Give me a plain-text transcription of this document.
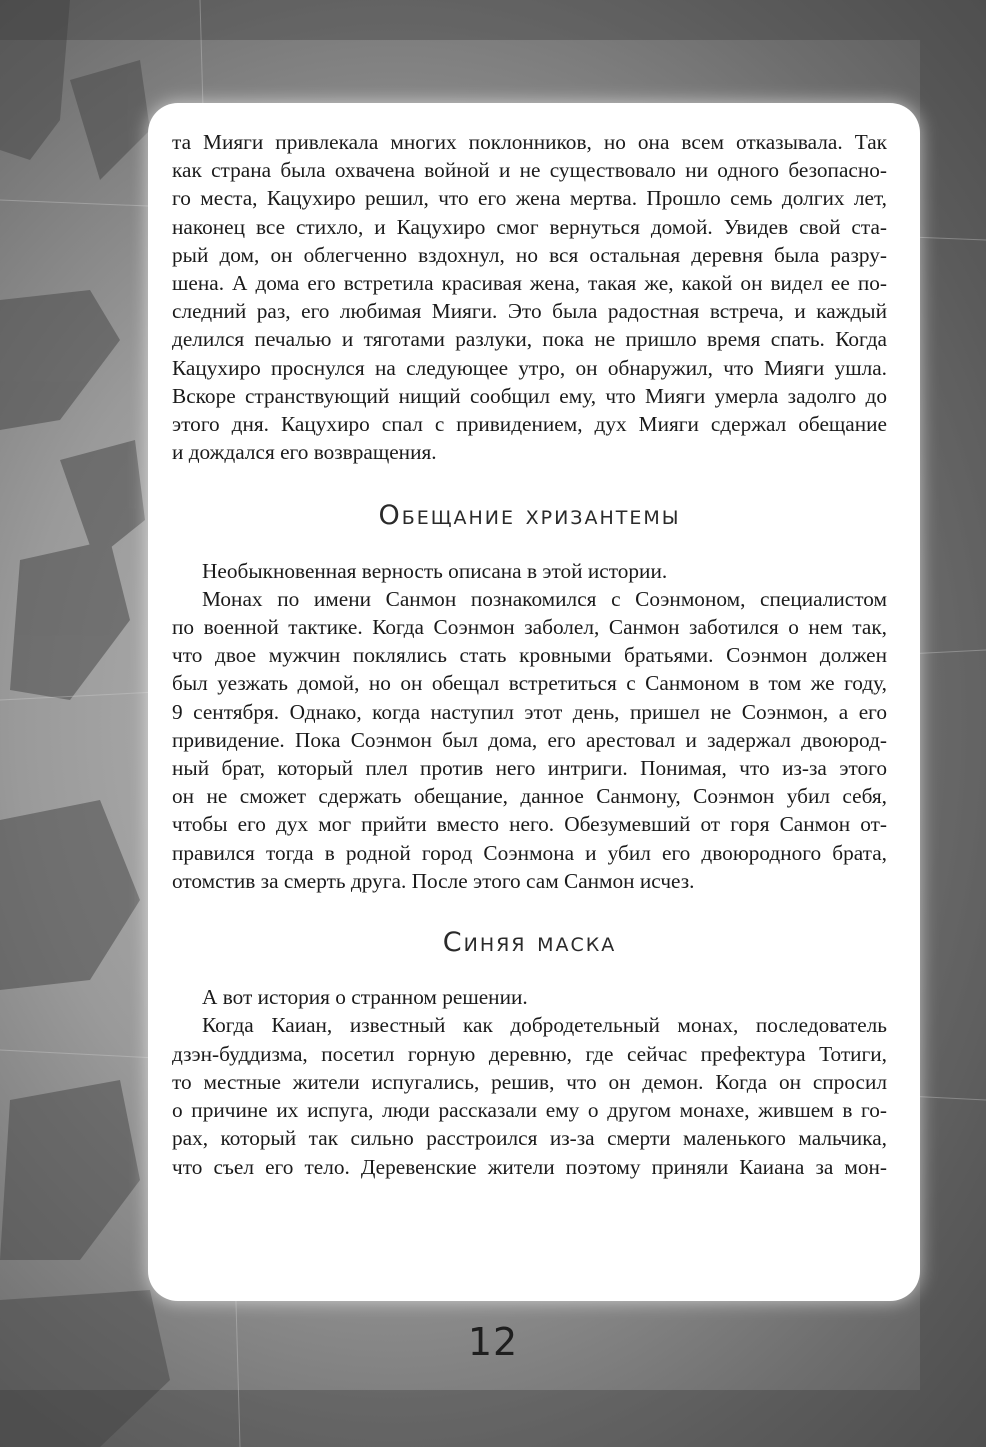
та Мияги привлекала многих поклонников, но она всем отказывала. Так

как страна была охвачена войной и не существовало ни одного безопасно-

го места, Кацухиро решил, что его жена мертва. Прошло семь долгих лет,

наконец все стихло, и Кацухиро смог вернуться домой. Увидев свой ста-

рый дом, он облегченно вздохнул, но вся остальная деревня была разру-

шена. А дома его встретила красивая жена, такая же, какой он видел ее по-

следний раз, его любимая Мияги. Это была радостная встреча, и каждый

делился печалью и тяготами разлуки, пока не пришло время спать. Когда

Кацухиро проснулся на следующее утро, он обнаружил, что Мияги ушла.

Вскоре странствующий нищий сообщил ему, что Мияги умерла задолго до

этого дня. Кацухиро спал с привидением, дух Мияги сдержал обещание

и дождался его возвращения.

Обещание хризантемы

Необыкновенная верность описана в этой истории.

Монах по имени Санмон познакомился с Соэнмоном, специалистом

по военной тактике. Когда Соэнмон заболел, Санмон заботился о нем так,

что двое мужчин поклялись стать кровными братьями. Соэнмон должен

был уезжать домой, но он обещал встретиться с Санмоном в том же году,

9 сентября. Однако, когда наступил этот день, пришел не Соэнмон, а его

привидение. Пока Соэнмон был дома, его арестовал и задержал двоюрод-

ный брат, который плел против него интриги. Понимая, что из-за этого

он не сможет сдержать обещание, данное Санмону, Соэнмон убил себя,

чтобы его дух мог прийти вместо него. Обезумевший от горя Санмон от-

правился тогда в родной город Соэнмона и убил его двоюродного брата,

отомстив за смерть друга. После этого сам Санмон исчез.

Синяя маска

А вот история о странном решении.

Когда Каиан, известный как добродетельный монах, последователь

дзэн-буддизма, посетил горную деревню, где сейчас префектура Тотиги,

то местные жители испугались, решив, что он демон. Когда он спросил

о причине их испуга, люди рассказали ему о другом монахе, жившем в го-

рах, который так сильно расстроился из-за смерти маленького мальчика,

что съел его тело. Деревенские жители поэтому приняли Каиана за мон-

12
